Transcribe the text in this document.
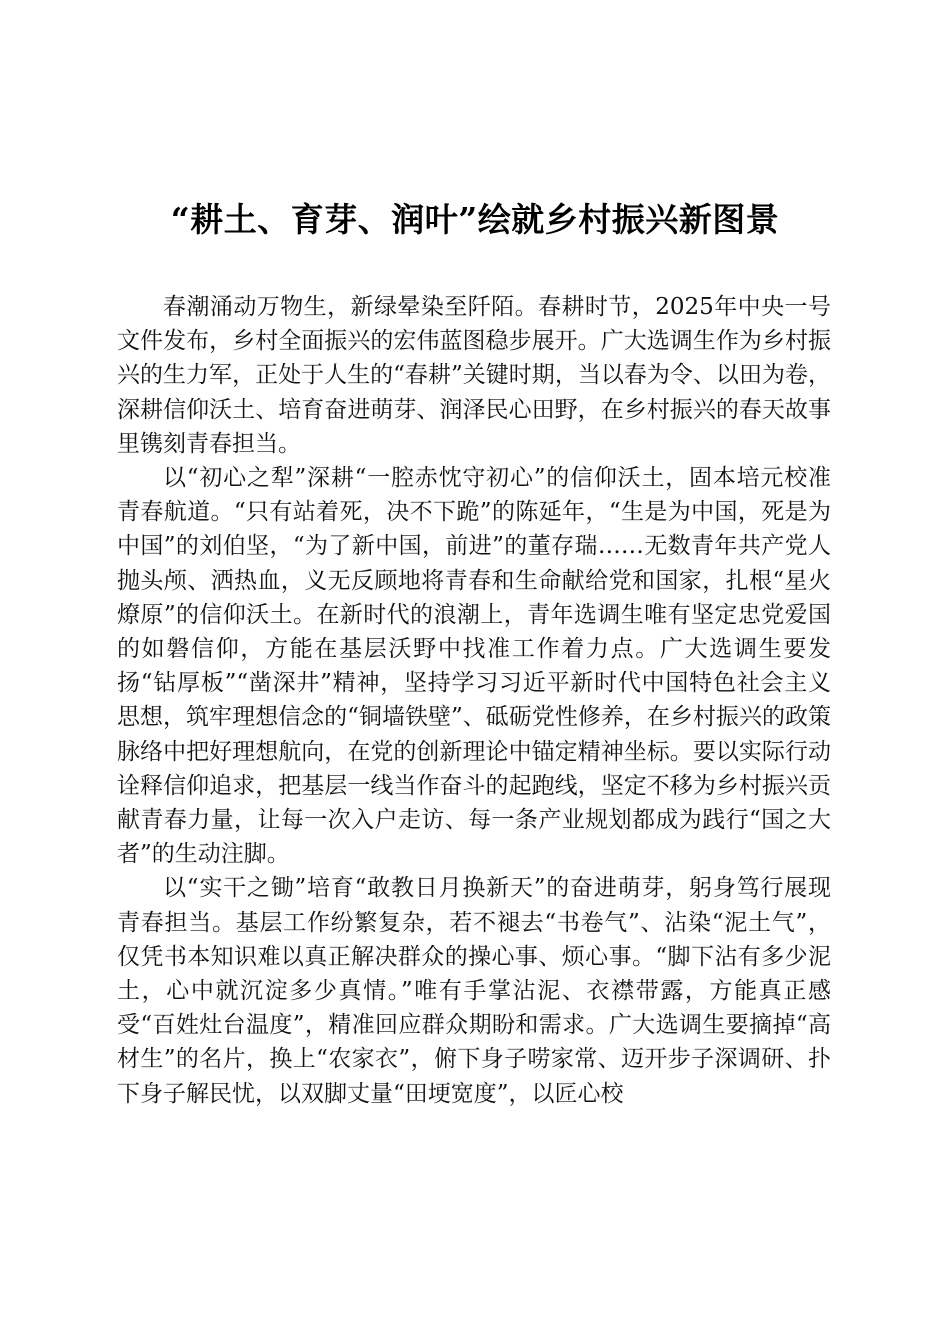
“耕土、育芽、润叶”绘就乡村振兴新图景

春潮涌动万物生，新绿晕染至阡陌。春耕时节，2025年中央一号文件发布，乡村全面振兴的宏伟蓝图稳步展开。广大选调生作为乡村振兴的生力军，正处于人生的“春耕”关键时期，当以春为令、以田为卷，深耕信仰沃土、培育奋进萌芽、润泽民心田野，在乡村振兴的春天故事里镌刻青春担当。

以“初心之犁”深耕“一腔赤忱守初心”的信仰沃土，固本培元校准青春航道。“只有站着死，决不下跪”的陈延年，“生是为中国，死是为中国”的刘伯坚，“为了新中国，前进”的董存瑞……无数青年共产党人抛头颅、洒热血，义无反顾地将青春和生命献给党和国家，扎根“星火燎原”的信仰沃土。在新时代的浪潮上，青年选调生唯有坚定忠党爱国的如磐信仰，方能在基层沃野中找准工作着力点。广大选调生要发扬“钻厚板”“凿深井”精神，坚持学习习近平新时代中国特色社会主义思想，筑牢理想信念的“铜墙铁壁”、砥砺党性修养，在乡村振兴的政策脉络中把好理想航向，在党的创新理论中锚定精神坐标。要以实际行动诠释信仰追求，把基层一线当作奋斗的起跑线，坚定不移为乡村振兴贡献青春力量，让每一次入户走访、每一条产业规划都成为践行“国之大者”的生动注脚。

以“实干之锄”培育“敢教日月换新天”的奋进萌芽，躬身笃行展现青春担当。基层工作纷繁复杂，若不褪去“书卷气”、沾染“泥土气”，仅凭书本知识难以真正解决群众的操心事、烦心事。“脚下沾有多少泥土，心中就沉淀多少真情。”唯有手掌沾泥、衣襟带露，方能真正感受“百姓灶台温度”，精准回应群众期盼和需求。广大选调生要摘掉“高材生”的名片，换上“农家衣”，俯下身子唠家常、迈开步子深调研、扑下身子解民忧，以双脚丈量“田埂宽度”，以匠心校
